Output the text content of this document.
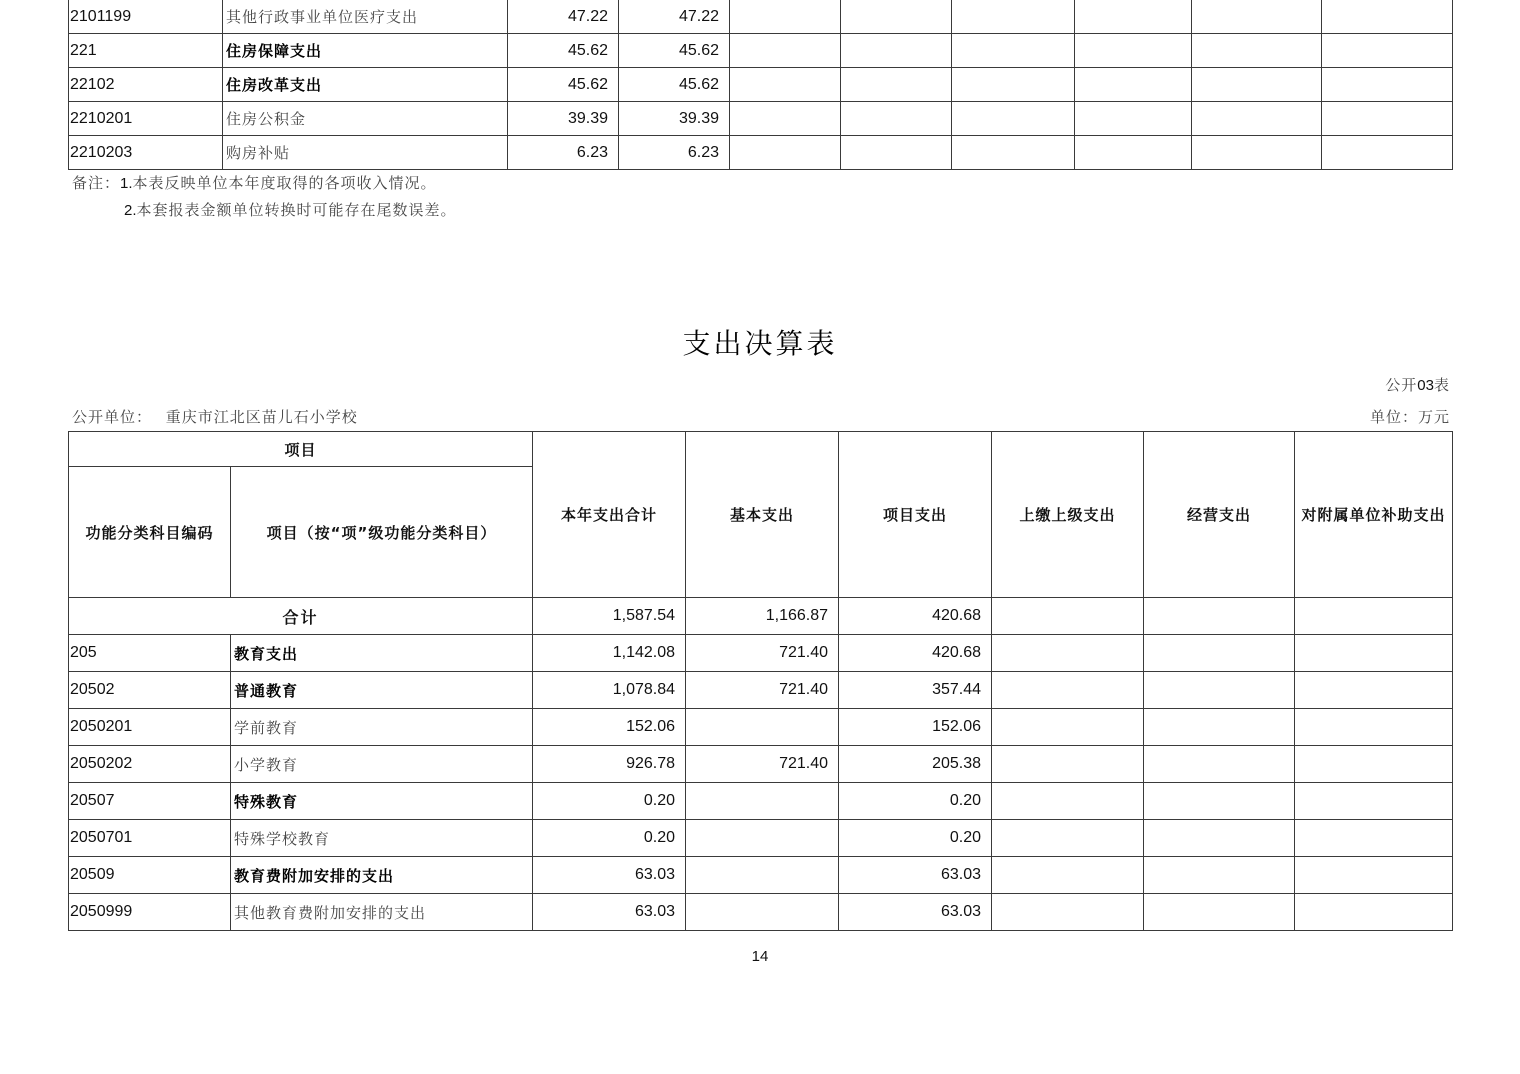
2101199	其他行政事业单位医疗支出	47.22	47.22						
221	住房保障支出	45.62	45.62						
22102	住房改革支出	45.62	45.62						
2210201	住房公积金	39.39	39.39						
2210203	购房补贴	6.23	6.23						
备注：1.本表反映单位本年度取得的各项收入情况。
2.本套报表金额单位转换时可能存在尾数误差。
支出决算表
公开03表
公开单位： 重庆市江北区苗儿石小学校	单位：万元
项目		本年支出合计	基本支出	项目支出	上缴上级支出	经营支出	对附属单位补助支出
功能分类科目编码	项目（按“项”级功能分类科目）						
合计		1,587.54	1,166.87	420.68			
205	教育支出	1,142.08	721.40	420.68			
20502	普通教育	1,078.84	721.40	357.44			
2050201	学前教育	152.06		152.06			
2050202	小学教育	926.78	721.40	205.38			
20507	特殊教育	0.20		0.20			
2050701	特殊学校教育	0.20		0.20			
20509	教育费附加安排的支出	63.03		63.03			
2050999	其他教育费附加安排的支出	63.03		63.03			
14
